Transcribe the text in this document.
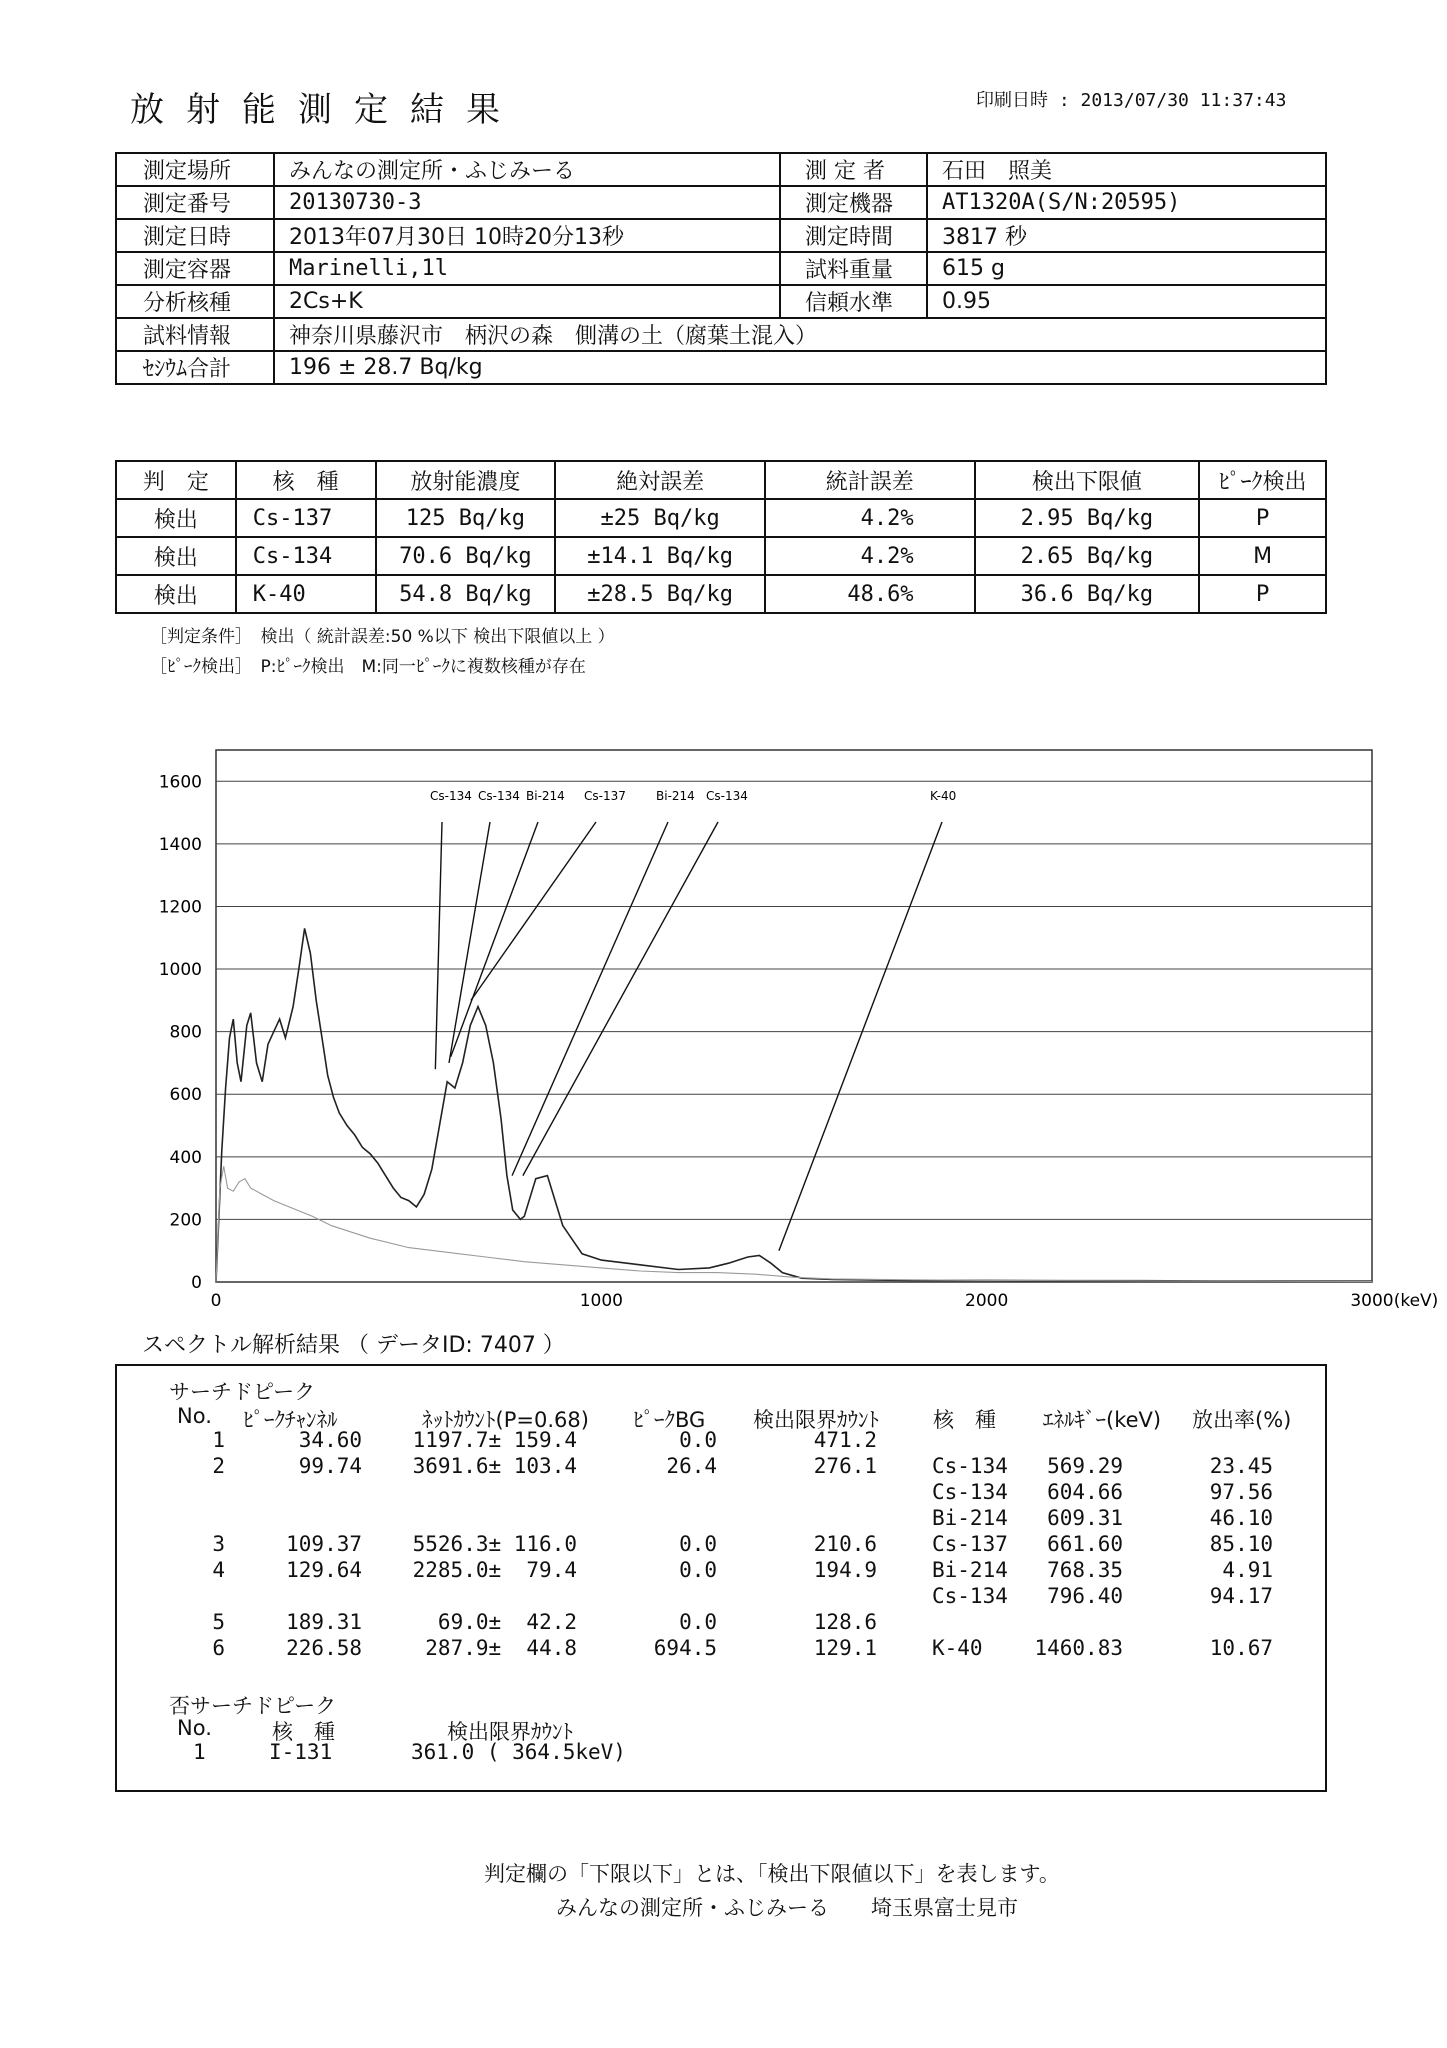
放射能測定結果	印刷日時 : 2013/07/30 11:37:43
測定場所	みんなの測定所・ふじみーる	測 定 者	石田　照美
測定番号	20130730-3	測定機器	AT1320A(S/N:20595)
測定日時	2013年07月30日 10時20分13秒	測定時間	3817 秒
測定容器	Marinelli,1l	試料重量	615 g
分析核種	2Cs+K	信頼水準	0.95
試料情報	神奈川県藤沢市　柄沢の森　側溝の土（腐葉土混入）		
ｾｼｳﾑ合計	196 ± 28.7 Bq/kg		
判　定	核　種	放射能濃度	絶対誤差	統計誤差	検出下限値	ﾋﾟｰｸ検出
検出	Cs-137	125 Bq/kg	±25 Bq/kg	4.2%	2.95 Bq/kg	P
検出	Cs-134	70.6 Bq/kg	±14.1 Bq/kg	4.2%	2.65 Bq/kg	M
検出	K-40	54.8 Bq/kg	±28.5 Bq/kg	48.6%	36.6 Bq/kg	P
［判定条件］　検出（ 統計誤差:50 %以下 検出下限値以上 ）
［ﾋﾟｰｸ検出］　P:ﾋﾟｰｸ検出　M:同一ﾋﾟｰｸに複数核種が存在
0
200
400
600
800
1000
1200
1400
1600
0	1000	2000	3000 (keV)
Cs-134 Cs-134 Bi-214 Cs-137	Bi-214 Cs-134	K-40
スペクトル解析結果 （ データID: 7407 ）
サーチドピーク
No. ﾋﾟｰｸﾁｬﾝﾈﾙ	ﾈｯﾄｶｳﾝﾄ(P=0.68) ﾋﾟｰｸBG 検出限界ｶｳﾝﾄ	核　種 ｴﾈﾙｷﾞｰ(keV) 放出率(%)
1	34.60 1197.7± 159.4	0.0	471.2
2	99.74 3691.6± 103.4	26.4	276.1	Cs-134 569.29	23.45
Cs-134 604.66	97.56
Bi-214 609.31	46.10
3	109.37 5526.3± 116.0	0.0	210.6	Cs-137 661.60	85.10
4	129.64 2285.0±  79.4	0.0	194.9	Bi-214 768.35	4.91
Cs-134 796.40	94.17
5	189.31	69.0±  42.2	0.0	128.6
6	226.58	287.9±  44.8	694.5	129.1	K-40 1460.83	10.67
否サーチドピーク
No.	核　種	検出限界ｶｳﾝﾄ
1	I-131	361.0 ( 364.5keV)
判定欄の「下限以下」とは、「検出下限値以下」を表します。
みんなの測定所・ふじみーる　　埼玉県富士見市
